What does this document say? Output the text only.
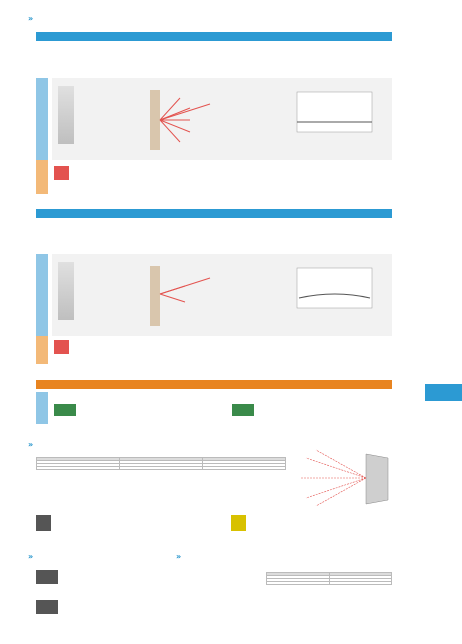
»
»

»	»
